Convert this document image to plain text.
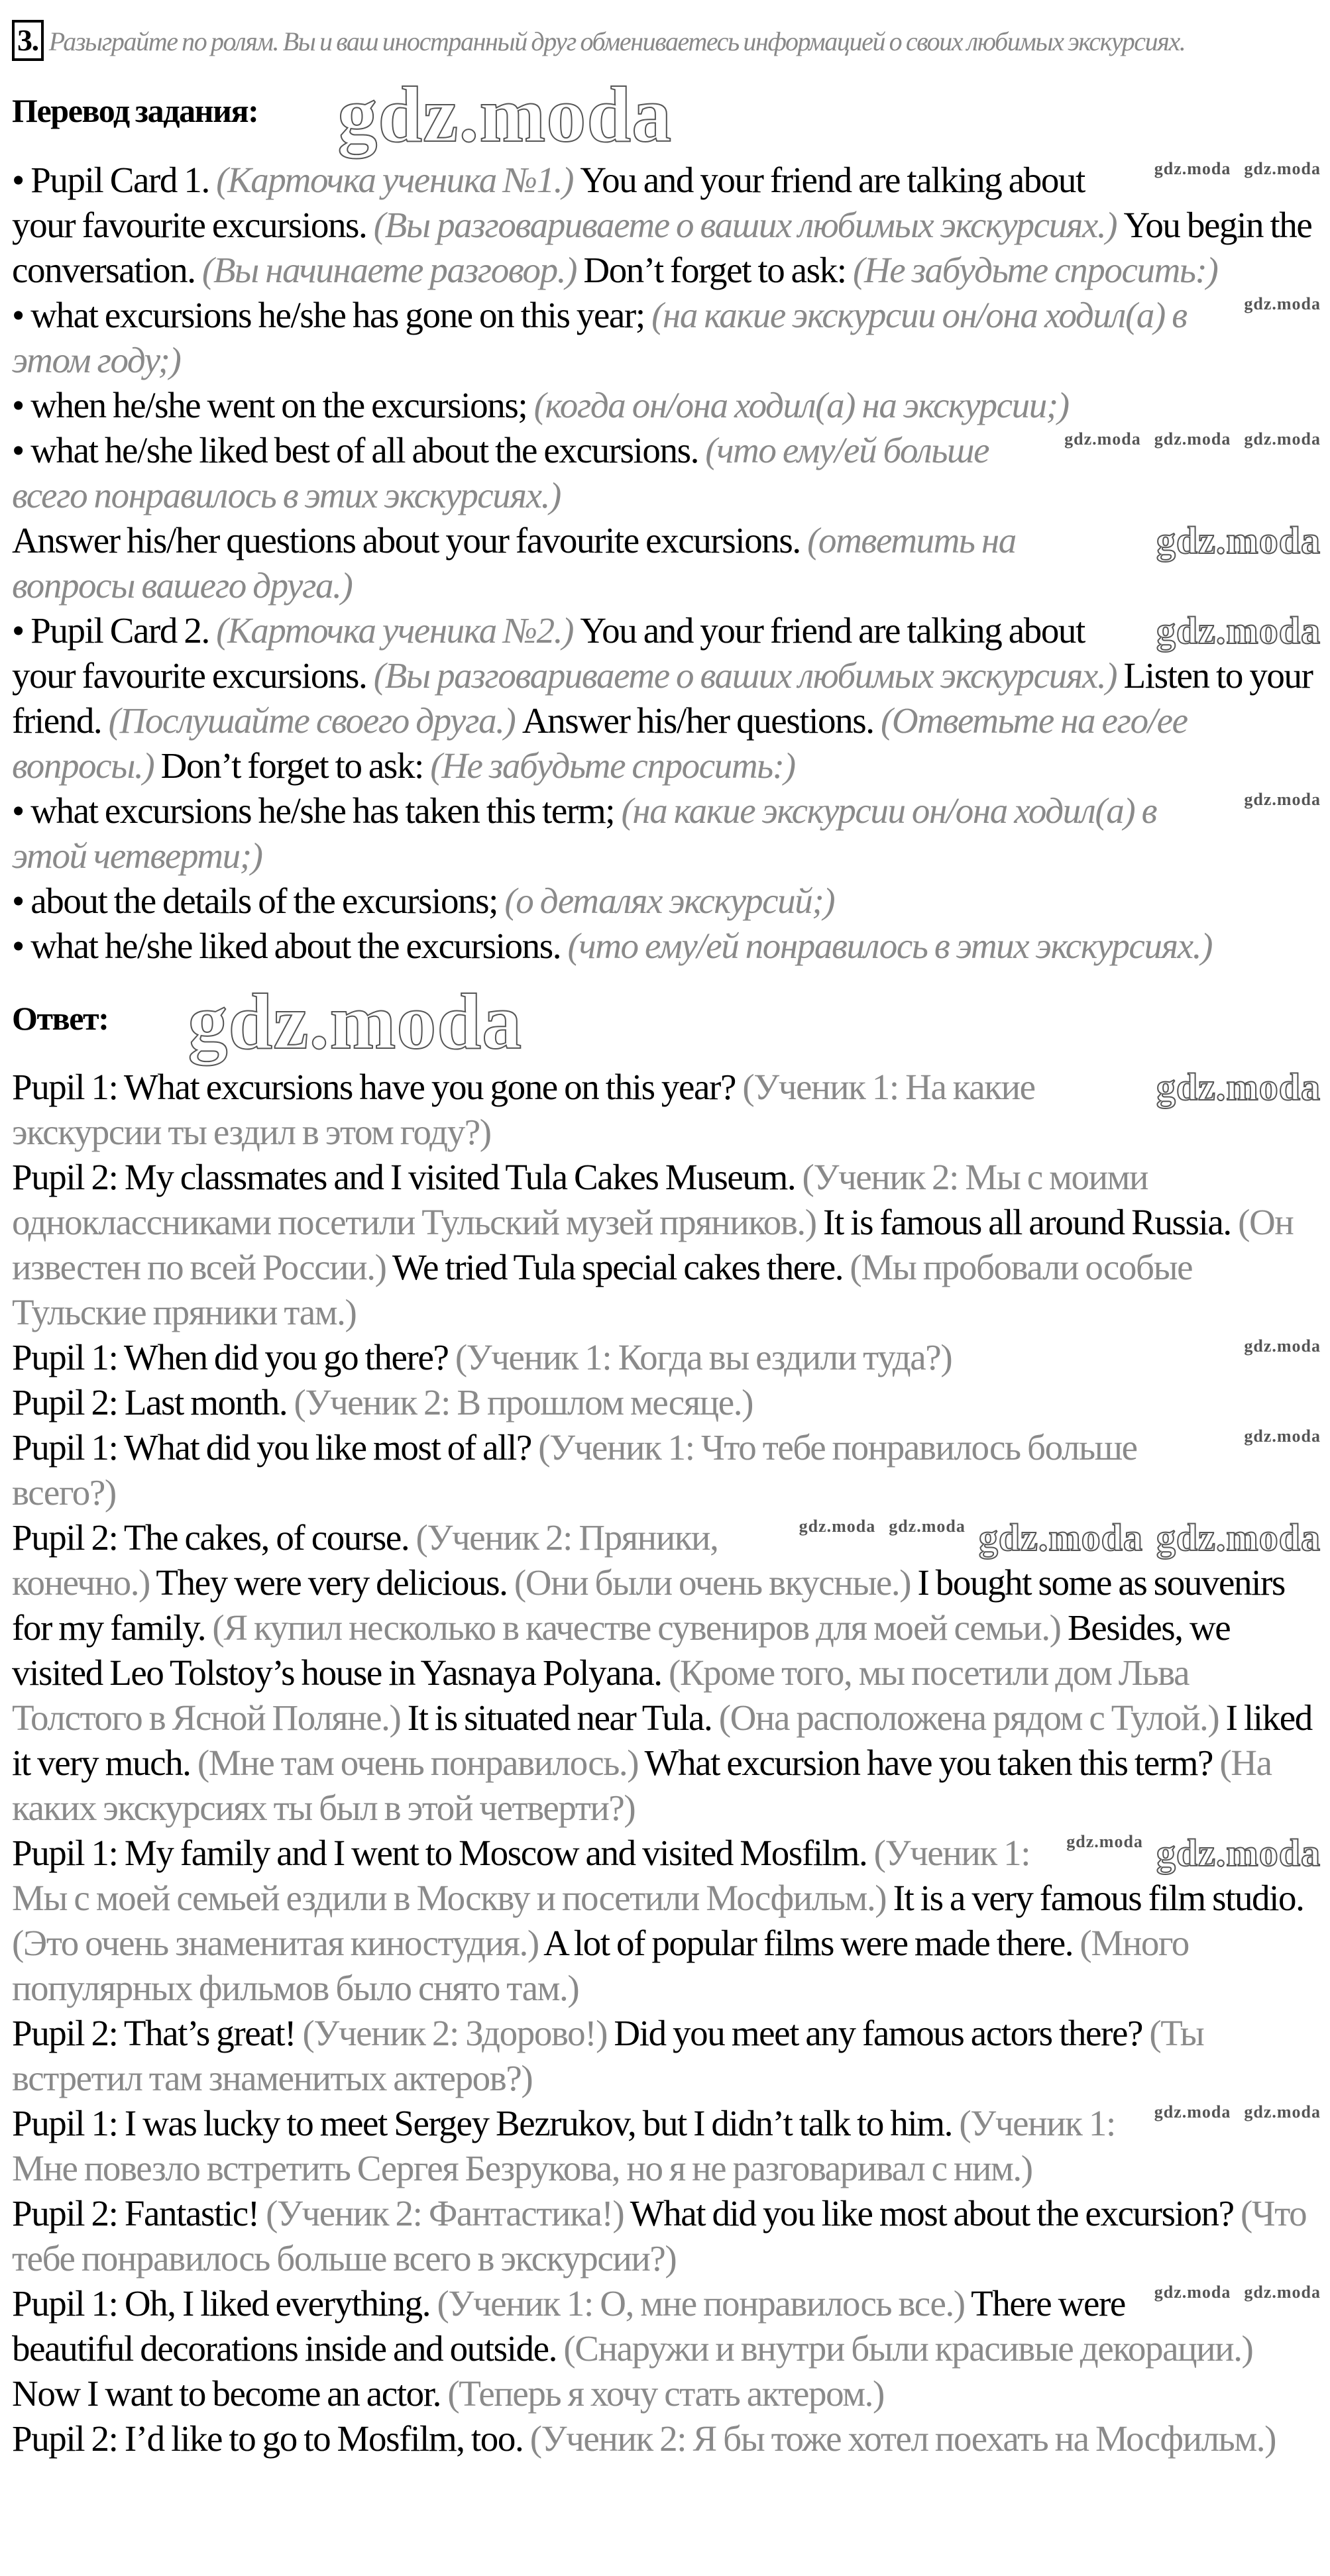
3. Разыграйте по ролям. Вы и ваш иностранный друг обмениваетесь информацией о своих любимых экскурсиях.
Перевод задания: gdz.moda
gdz.moda
gdz.moda
• Pupil Card 1. (Карточка ученика №1.) You and your friend are talking about your favourite excursions. (Вы разговариваете о ваших любимых экскурсиях.) You begin the conversation. (Вы начинаете разговор.) Don’t forget to ask: (Не забудьте спросить:)
gdz.moda
• what excursions he/she has gone on this year; (на какие экскурсии он/она ходил(а) в этом году;)
• when he/she went on the excursions; (когда он/она ходил(а) на экскурсии;)
gdz.moda
gdz.moda
gdz.moda
• what he/she liked best of all about the excursions. (что ему/ей больше всего понравилось в этих экскурсиях.)
gdz.moda
Answer his/her questions about your favourite excursions. (ответить на вопросы вашего друга.)
gdz.moda
• Pupil Card 2. (Карточка ученика №2.) You and your friend are talking about your favourite excursions. (Вы разговариваете о ваших любимых экскурсиях.) Listen to your friend. (Послушайте своего друга.) Answer his/her questions. (Ответьте на его/ее вопросы.) Don’t forget to ask: (Не забудьте спросить:)
gdz.moda
• what excursions he/she has taken this term; (на какие экскурсии он/она ходил(а) в этой четверти;)
• about the details of the excursions; (о деталях экскурсий;)
• what he/she liked about the excursions. (что ему/ей понравилось в этих экскурсиях.)
Ответ: gdz.moda
gdz.moda
Pupil 1: What excursions have you gone on this year? (Ученик 1: На какие экскурсии ты ездил в этом году?)
Pupil 2: My classmates and I visited Tula Cakes Museum. (Ученик 2: Мы с моими одноклассниками посетили Тульский музей пряников.) It is famous all around Russia. (Он известен по всей России.) We tried Tula special cakes there. (Мы пробовали особые Тульские пряники там.)
gdz.moda
Pupil 1: When did you go there? (Ученик 1: Когда вы ездили туда?)
Pupil 2: Last month. (Ученик 2: В прошлом месяце.)
gdz.moda
Pupil 1: What did you like most of all? (Ученик 1: Что тебе понравилось больше всего?)
gdz.moda
gdz.moda
gdz.moda
gdz.moda
Pupil 2: The cakes, of course. (Ученик 2: Пряники, конечно.) They were very delicious. (Они были очень вкусные.) I bought some as souvenirs for my family. (Я купил несколько в качестве сувениров для моей семьи.) Besides, we visited Leo Tolstoy’s house in Yasnaya Polyana. (Кроме того, мы посетили дом Льва Толстого в Ясной Поляне.) It is situated near Tula. (Она расположена рядом с Тулой.) I liked it very much. (Мне там очень понравилось.) What excursion have you taken this term? (На каких экскурсиях ты был в этой четверти?)
gdz.moda
gdz.moda
Pupil 1: My family and I went to Moscow and visited Mosfilm. (Ученик 1: Мы с моей семьей ездили в Москву и посетили Мосфильм.) It is a very famous film studio. (Это очень знаменитая киностудия.) A lot of popular films were made there. (Много популярных фильмов было снято там.)
Pupil 2: That’s great! (Ученик 2: Здорово!) Did you meet any famous actors there? (Ты встретил там знаменитых актеров?)
gdz.moda
gdz.moda
Pupil 1: I was lucky to meet Sergey Bezrukov, but I didn’t talk to him. (Ученик 1: Мне повезло встретить Сергея Безрукова, но я не разговаривал с ним.)
Pupil 2: Fantastic! (Ученик 2: Фантастика!) What did you like most about the excursion? (Что тебе понравилось больше всего в экскурсии?)
gdz.moda
gdz.moda
Pupil 1: Oh, I liked everything. (Ученик 1: О, мне понравилось все.) There were beautiful decorations inside and outside. (Снаружи и внутри были красивые декорации.) Now I want to become an actor. (Теперь я хочу стать актером.)
Pupil 2: I’d like to go to Mosfilm, too. (Ученик 2: Я бы тоже хотел поехать на Мосфильм.)
